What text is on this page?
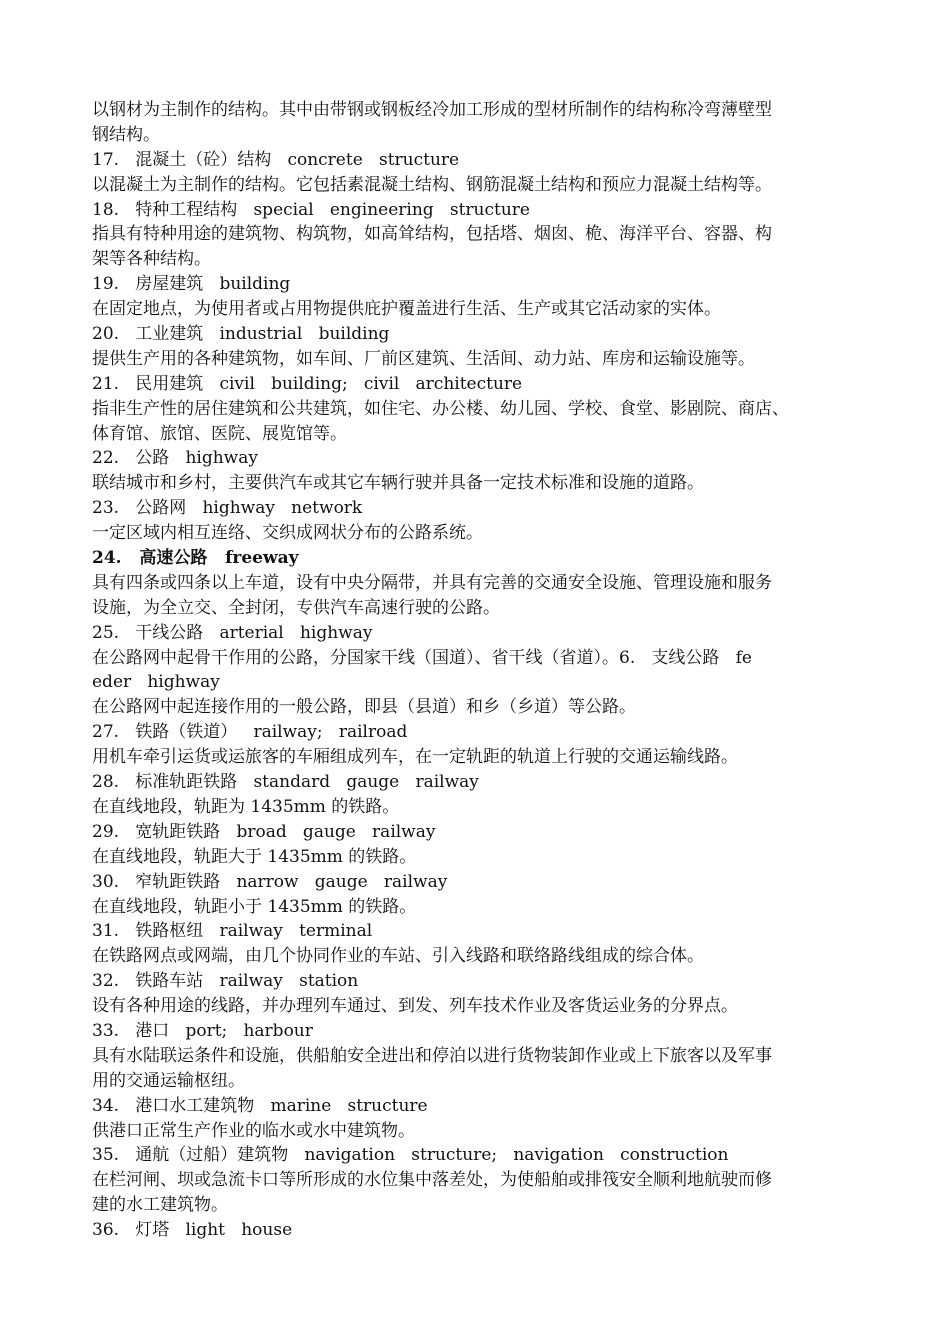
以钢材为主制作的结构。其中由带钢或钢板经冷加工形成的型材所制作的结构称冷弯薄壁型
钢结构。
17.   混凝土（砼）结构   concrete   structure
以混凝土为主制作的结构。它包括素混凝土结构、钢筋混凝土结构和预应力混凝土结构等。
18.   特种工程结构   special   engineering   structure
指具有特种用途的建筑物、构筑物，如高耸结构，包括塔、烟囱、桅、海洋平台、容器、构
架等各种结构。
19.   房屋建筑   building
在固定地点，为使用者或占用物提供庇护覆盖进行生活、生产或其它活动家的实体。
20.   工业建筑   industrial   building
提供生产用的各种建筑物，如车间、厂前区建筑、生活间、动力站、库房和运输设施等。
21.   民用建筑   civil   building;   civil   architecture
指非生产性的居住建筑和公共建筑，如住宅、办公楼、幼儿园、学校、食堂、影剧院、商店、
体育馆、旅馆、医院、展览馆等。
22.   公路   highway
联结城市和乡村，主要供汽车或其它车辆行驶并具备一定技术标准和设施的道路。
23.   公路网   highway   network
一定区域内相互连络、交织成网状分布的公路系统。
24.   高速公路   freeway
具有四条或四条以上车道，设有中央分隔带，并具有完善的交通安全设施、管理设施和服务
设施，为全立交、全封闭，专供汽车高速行驶的公路。
25.   干线公路   arterial   highway
在公路网中起骨干作用的公路，分国家干线（国道）、省干线（省道）。6.   支线公路   fe
eder   highway
在公路网中起连接作用的一般公路，即县（县道）和乡（乡道）等公路。
27.   铁路（铁道）   railway;   railroad
用机车牵引运货或运旅客的车厢组成列车，在一定轨距的轨道上行驶的交通运输线路。
28.   标准轨距铁路   standard   gauge   railway
在直线地段，轨距为 1435mm 的铁路。
29.   宽轨距铁路   broad   gauge   railway
在直线地段，轨距大于 1435mm 的铁路。
30.   窄轨距铁路   narrow   gauge   railway
在直线地段，轨距小于 1435mm 的铁路。
31.   铁路枢纽   railway   terminal
在铁路网点或网端，由几个协同作业的车站、引入线路和联络路线组成的综合体。
32.   铁路车站   railway   station
设有各种用途的线路，并办理列车通过、到发、列车技术作业及客货运业务的分界点。
33.   港口   port;   harbour
具有水陆联运条件和设施，供船舶安全进出和停泊以进行货物装卸作业或上下旅客以及军事
用的交通运输枢纽。
34.   港口水工建筑物   marine   structure
供港口正常生产作业的临水或水中建筑物。
35.   通航（过船）建筑物   navigation   structure;   navigation   construction
在栏河闸、坝或急流卡口等所形成的水位集中落差处，为使船舶或排筏安全顺利地航驶而修
建的水工建筑物。
36.   灯塔   light   house
